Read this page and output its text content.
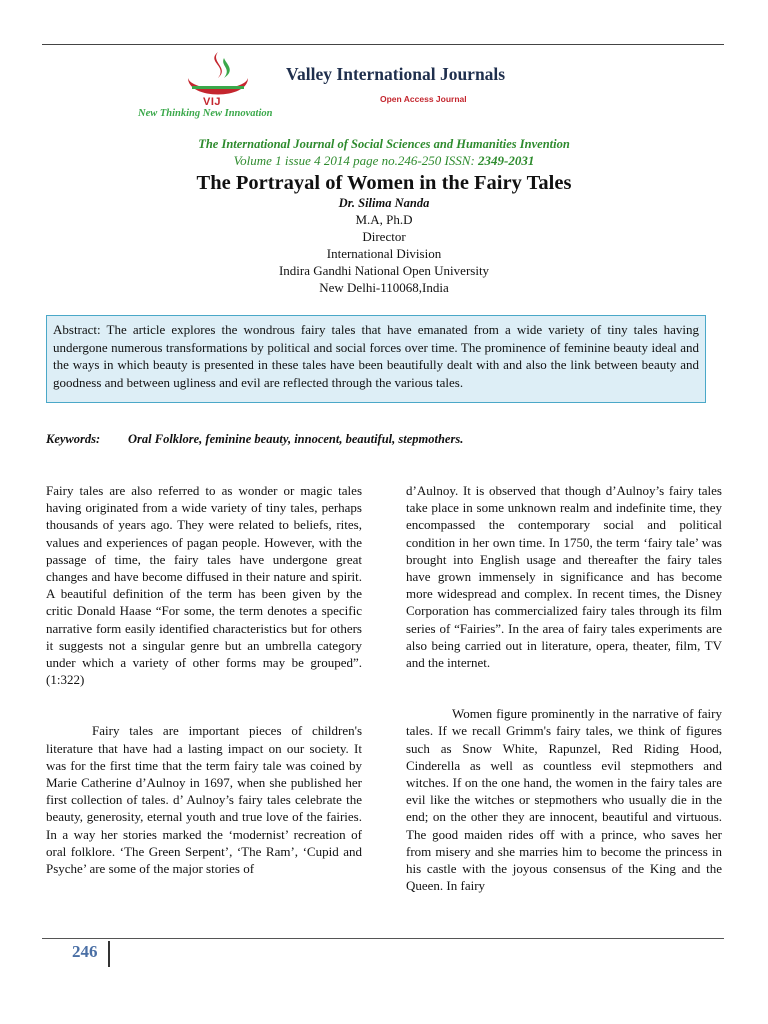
VIJ
New Thinking New Innovation
Valley International Journals
Open Access Journal
The International Journal of Social Sciences and Humanities Invention
Volume 1 issue 4 2014 page no.246-250 ISSN: 2349-2031
The Portrayal of Women in the Fairy Tales
Dr. Silima Nanda
M.A, Ph.D
Director
International Division
Indira Gandhi National Open University
New Delhi-110068,India
Abstract: The article explores the wondrous fairy tales that have emanated from a wide variety of tiny tales having undergone numerous transformations by political and social forces over time. The prominence of feminine beauty ideal and the ways in which beauty is presented in these tales have been beautifully dealt with and also the link between beauty and goodness and between ugliness and evil are reflected through the various tales.
Keywords: Oral Folklore, feminine beauty, innocent, beautiful, stepmothers.

Fairy tales are also referred to as wonder or magic tales having originated from a wide variety of tiny tales, perhaps thousands of years ago. They were related to beliefs, rites, values and experiences of pagan people. However, with the passage of time, the fairy tales have undergone great changes and have become diffused in their nature and spirit. A beautiful definition of the term has been given by the critic Donald Haase “For some, the term denotes a specific narrative form easily identified characteristics but for others it suggests not a singular genre but an umbrella category under which a variety of other forms may be grouped”. (1:322)

Fairy tales are important pieces of children's literature that have had a lasting impact on our society. It was for the first time that the term fairy tale was coined by Marie Catherine d’Aulnoy in 1697, when she published her first collection of tales. d’ Aulnoy’s fairy tales celebrate the beauty, generosity, eternal youth and true love of the fairies. In a way her stories marked the ‘modernist’ recreation of oral folklore. ‘The Green Serpent’, ‘The Ram’, ‘Cupid and Psyche’ are some of the major stories of

d’Aulnoy. It is observed that though d’Aulnoy’s fairy tales take place in some unknown realm and indefinite time, they encompassed the contemporary social and political condition in her own time. In 1750, the term ‘fairy tale’ was brought into English usage and thereafter the fairy tales have grown immensely in significance and has become more widespread and complex. In recent times, the Disney Corporation has commercialized fairy tales through its film series of “Fairies”. In the area of fairy tales experiments are also being carried out in literature, opera, theater, film, TV and the internet.

Women figure prominently in the narrative of fairy tales. If we recall Grimm's fairy tales, we think of figures such as Snow White, Rapunzel, Red Riding Hood, Cinderella as well as countless evil stepmothers and witches. If on the one hand, the women in the fairy tales are evil like the witches or stepmothers who usually die in the end; on the other they are innocent, beautiful and virtuous. The good maiden rides off with a prince, who saves her from misery and she marries him to become the princess in his castle with the joyous consensus of the King and the Queen. In fairy

246
